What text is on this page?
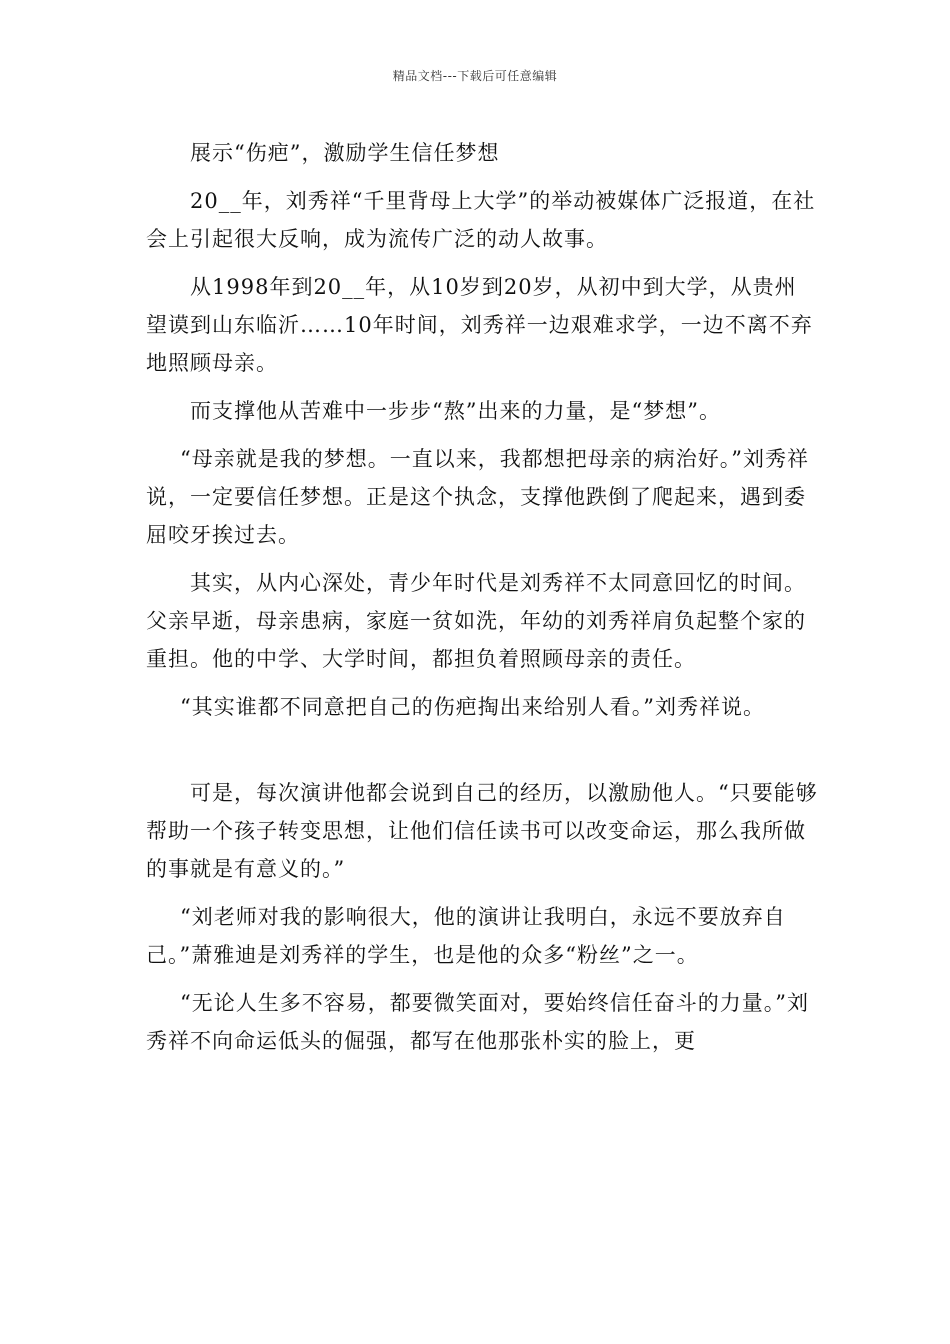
精品文档---下载后可任意编辑

展示“伤疤”，激励学生信任梦想

20__年，刘秀祥“千里背母上大学”的举动被媒体广泛报道，在社会上引起很大反响，成为流传广泛的动人故事。

从1998年到20__年，从10岁到20岁，从初中到大学，从贵州望谟到山东临沂……10年时间，刘秀祥一边艰难求学，一边不离不弃地照顾母亲。

而支撑他从苦难中一步步“熬”出来的力量，是“梦想”。

“母亲就是我的梦想。一直以来，我都想把母亲的病治好。”刘秀祥说，一定要信任梦想。正是这个执念，支撑他跌倒了爬起来，遇到委屈咬牙挨过去。

其实，从内心深处，青少年时代是刘秀祥不太同意回忆的时间。父亲早逝，母亲患病，家庭一贫如洗，年幼的刘秀祥肩负起整个家的重担。他的中学、大学时间，都担负着照顾母亲的责任。

“其实谁都不同意把自己的伤疤掏出来给别人看。”刘秀祥说。

可是，每次演讲他都会说到自己的经历，以激励他人。“只要能够帮助一个孩子转变思想，让他们信任读书可以改变命运，那么我所做的事就是有意义的。”

“刘老师对我的影响很大，他的演讲让我明白，永远不要放弃自己。”萧雅迪是刘秀祥的学生，也是他的众多“粉丝”之一。

“无论人生多不容易，都要微笑面对，要始终信任奋斗的力量。”刘秀祥不向命运低头的倔强，都写在他那张朴实的脸上，更
